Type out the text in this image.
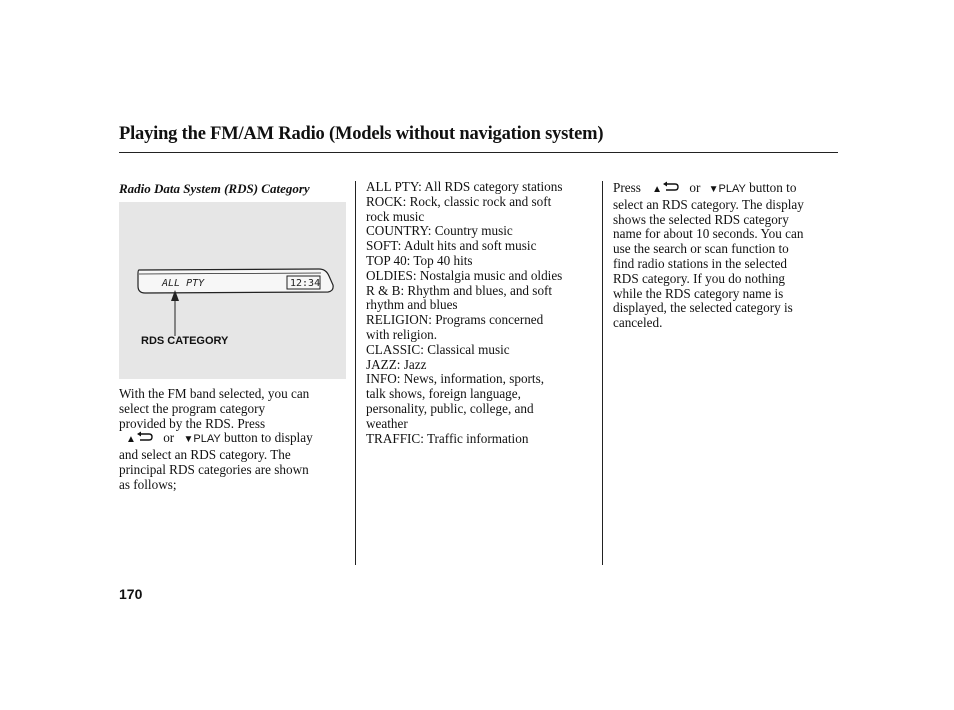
Playing the FM/AM Radio (Models without navigation system)
Radio Data System (RDS) Category
ALL PTY	12:34
RDS CATEGORY
With the FM band selected, you can
select the program category
provided by the RDS. Press
▲ or ▼PLAY button to display
and select an RDS category. The
principal RDS categories are shown
as follows;
ALL PTY: All RDS category stations
ROCK: Rock, classic rock and soft
rock music
COUNTRY: Country music
SOFT: Adult hits and soft music
TOP 40: Top 40 hits
OLDIES: Nostalgia music and oldies
R & B: Rhythm and blues, and soft
rhythm and blues
RELIGION: Programs concerned
with religion.
CLASSIC: Classical music
JAZZ: Jazz
INFO: News, information, sports,
talk shows, foreign language,
personality, public, college, and
weather
TRAFFIC: Traffic information
Press ▲ or ▼PLAY button to
select an RDS category. The display
shows the selected RDS category
name for about 10 seconds. You can
use the search or scan function to
find radio stations in the selected
RDS category. If you do nothing
while the RDS category name is
displayed, the selected category is
canceled.
170
